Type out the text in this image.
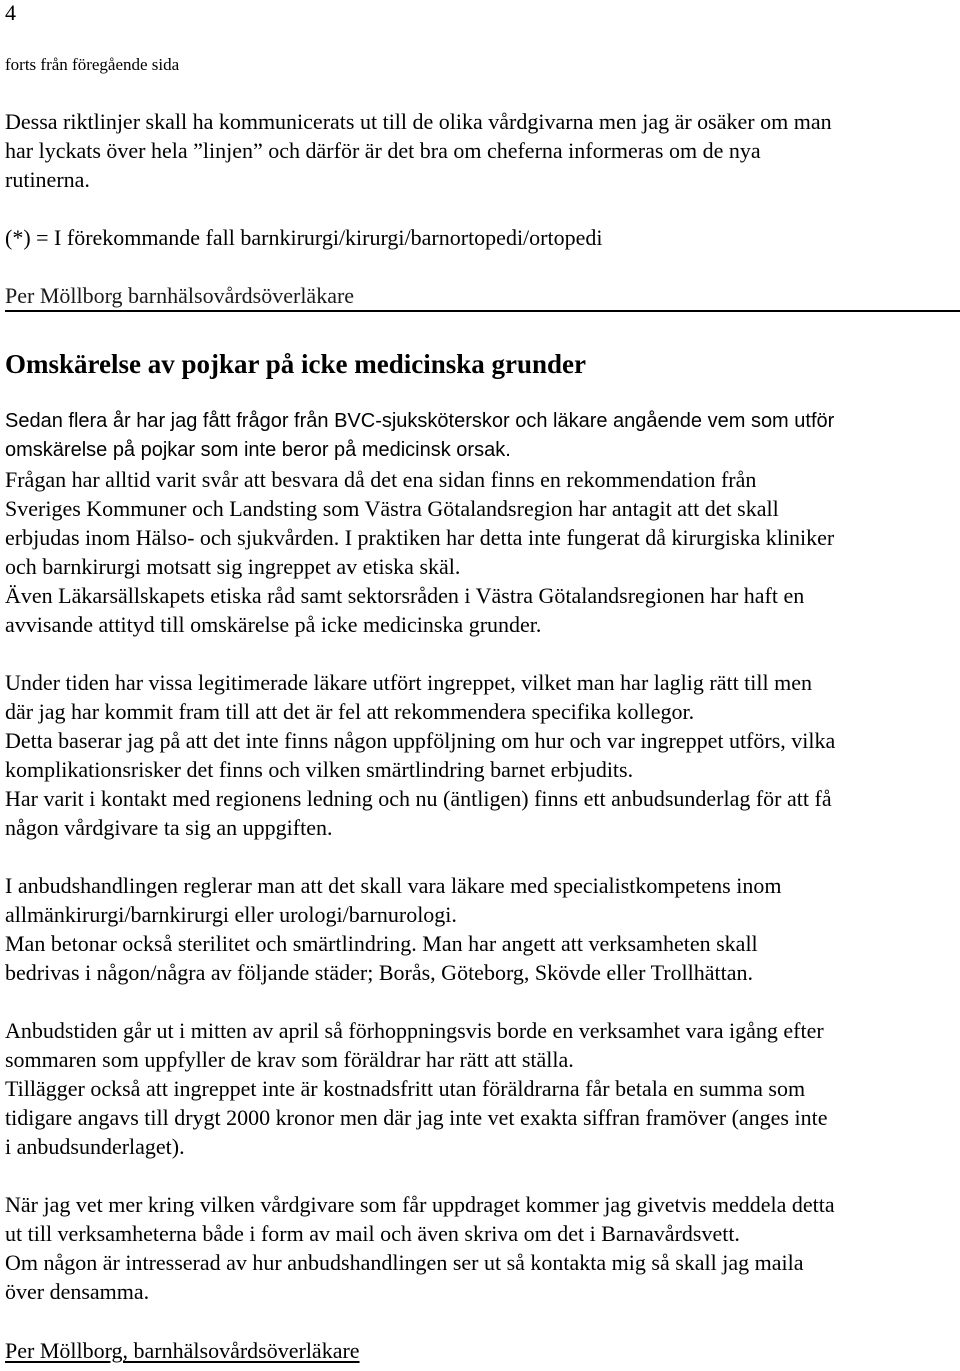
4
forts från föregående sida
Dessa riktlinjer skall ha kommunicerats ut till de olika vårdgivarna men jag är osäker om man
har lyckats över hela ”linjen” och därför är det bra om cheferna informeras om de nya
rutinerna.
(*) = I förekommande fall barnkirurgi/kirurgi/barnortopedi/ortopedi
Per Möllborg barnhälsovårdsöverläkare
Omskärelse av pojkar på icke medicinska grunder

Sedan flera år har jag fått frågor från BVC-sjuksköterskor och läkare angående vem som utför
omskärelse på pojkar som inte beror på medicinsk orsak.
Frågan har alltid varit svår att besvara då det ena sidan finns en rekommendation från
Sveriges Kommuner och Landsting som Västra Götalandsregion har antagit att det skall
erbjudas inom Hälso- och sjukvården. I praktiken har detta inte fungerat då kirurgiska kliniker
och barnkirurgi motsatt sig ingreppet av etiska skäl.
Även Läkarsällskapets etiska råd samt sektorsråden i Västra Götalandsregionen har haft en
avvisande attityd till omskärelse på icke medicinska grunder.

Under tiden har vissa legitimerade läkare utfört ingreppet, vilket man har laglig rätt till men
där jag har kommit fram till att det är fel att rekommendera specifika kollegor.
Detta baserar jag på att det inte finns någon uppföljning om hur och var ingreppet utförs, vilka
komplikationsrisker det finns och vilken smärtlindring barnet erbjudits.
Har varit i kontakt med regionens ledning och nu (äntligen) finns ett anbudsunderlag för att få
någon vårdgivare ta sig an uppgiften.

I anbudshandlingen reglerar man att det skall vara läkare med specialistkompetens inom
allmänkirurgi/barnkirurgi eller urologi/barnurologi.
Man betonar också sterilitet och smärtlindring. Man har angett att verksamheten skall
bedrivas i någon/några av följande städer; Borås, Göteborg, Skövde eller Trollhättan.

Anbudstiden går ut i mitten av april så förhoppningsvis borde en verksamhet vara igång efter
sommaren som uppfyller de krav som föräldrar har rätt att ställa.
Tillägger också att ingreppet inte är kostnadsfritt utan föräldrarna får betala en summa som
tidigare angavs till drygt 2000 kronor men där jag inte vet exakta siffran framöver (anges inte
i anbudsunderlaget).

När jag vet mer kring vilken vårdgivare som får uppdraget kommer jag givetvis meddela detta
ut till verksamheterna både i form av mail och även skriva om det i Barnavårdsvett.
Om någon är intresserad av hur anbudshandlingen ser ut så kontakta mig så skall jag maila
över densamma.

Per Möllborg, barnhälsovårdsöverläkare
